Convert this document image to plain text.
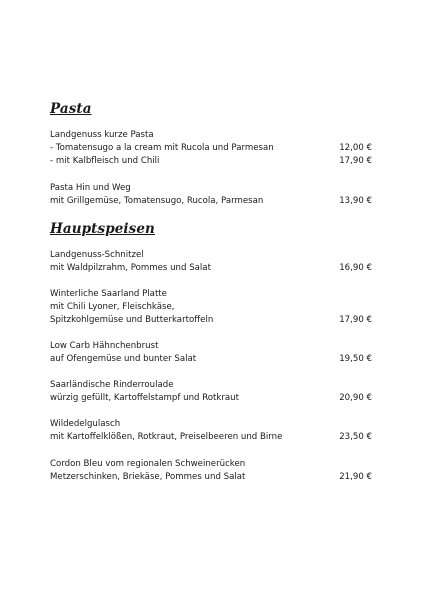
Pasta
Landgenuss kurze Pasta
- Tomatensugo a la cream mit Rucola und Parmesan	12,00 €
- mit Kalbfleisch und Chili	17,90 €
Pasta Hin und Weg
mit Grillgemüse, Tomatensugo, Rucola, Parmesan	13,90 €
Hauptspeisen
Landgenuss-Schnitzel
mit Waldpilzrahm, Pommes und Salat	16,90 €
Winterliche Saarland Platte
mit Chili Lyoner, Fleischkäse,
Spitzkohlgemüse und Butterkartoffeln	17,90 €
Low Carb Hähnchenbrust
auf Ofengemüse und bunter Salat	19,50 €
Saarländische Rinderroulade
würzig gefüllt, Kartoffelstampf und Rotkraut	20,90 €
Wildedelgulasch
mit Kartoffelklößen, Rotkraut, Preiselbeeren und Birne	23,50 €
Cordon Bleu vom regionalen Schweinerücken
Metzerschinken, Briekäse, Pommes und Salat	21,90 €
